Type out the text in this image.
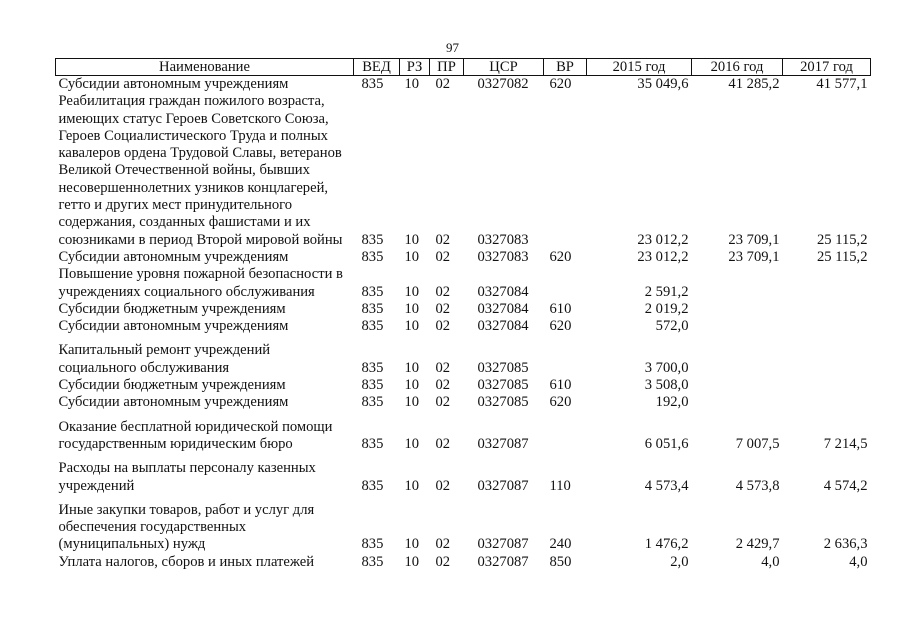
97
Наименование	ВЕД	РЗ	ПР	ЦСР	ВР	2015 год	2016 год	2017 год
Субсидии автономным учреждениям	835	10	02	0327082	620	35 049,6	41 285,2	41 577,1
Реабилитация граждан пожилого возраста, имеющих статус Героев Советского Союза, Героев Социалистического Труда и полных кавалеров ордена Трудовой Славы, ветеранов Великой Отечественной войны, бывших несовершеннолетних узников концлагерей, гетто и других мест принудительного содержания, созданных фашистами и их союзниками в период Второй мировой войны	835	10	02	0327083		23 012,2	23 709,1	25 115,2
Субсидии автономным учреждениям	835	10	02	0327083	620	23 012,2	23 709,1	25 115,2
Повышение уровня пожарной безопасности в учреждениях социального обслуживания	835	10	02	0327084		2 591,2		
Субсидии бюджетным учреждениям	835	10	02	0327084	610	2 019,2		
Субсидии автономным учреждениям	835	10	02	0327084	620	572,0		
Капитальный ремонт учреждений социального обслуживания	835	10	02	0327085		3 700,0		
Субсидии бюджетным учреждениям	835	10	02	0327085	610	3 508,0		
Субсидии автономным учреждениям	835	10	02	0327085	620	192,0		
Оказание бесплатной юридической помощи государственным юридическим бюро	835	10	02	0327087		6 051,6	7 007,5	7 214,5
Расходы на выплаты персоналу казенных учреждений	835	10	02	0327087	110	4 573,4	4 573,8	4 574,2
Иные закупки товаров, работ и услуг для обеспечения государственных (муниципальных) нужд	835	10	02	0327087	240	1 476,2	2 429,7	2 636,3
Уплата налогов, сборов и иных платежей	835	10	02	0327087	850	2,0	4,0	4,0
